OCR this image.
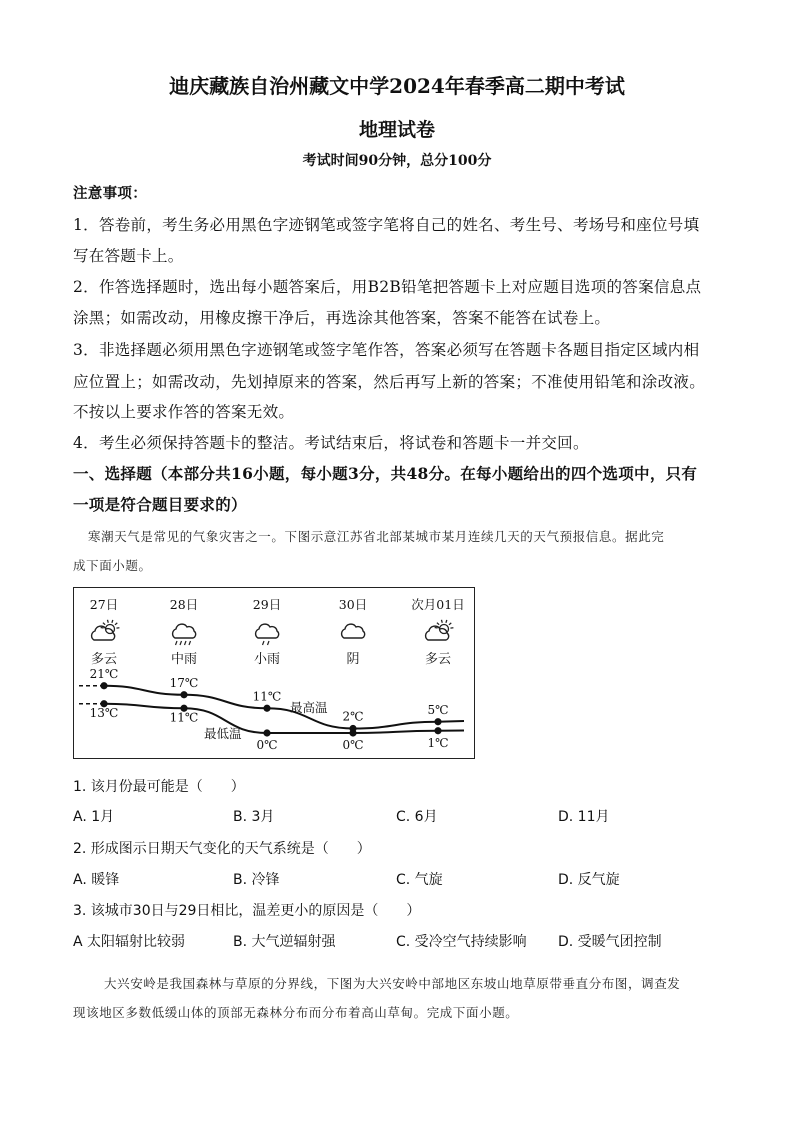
迪庆藏族自治州藏文中学2024年春季高二期中考试
地理试卷
考试时间90分钟，总分100分
注意事项：
1．答卷前，考生务必用黑色字迹钢笔或签字笔将自己的姓名、考生号、考场号和座位号填
写在答题卡上。
2．作答选择题时，选出每小题答案后，用B2B铅笔把答题卡上对应题目选项的答案信息点
涂黑；如需改动，用橡皮擦干净后，再选涂其他答案，答案不能答在试卷上。
3．非选择题必须用黑色字迹钢笔或签字笔作答，答案必须写在答题卡各题目指定区域内相
应位置上；如需改动，先划掉原来的答案，然后再写上新的答案；不准使用铅笔和涂改液。
不按以上要求作答的答案无效。
4．考生必须保持答题卡的整洁。考试结束后，将试卷和答题卡一并交回。
一、选择题（本部分共16小题，每小题3分，共48分。在每小题给出的四个选项中，只有
一项是符合题目要求的）
寒潮天气是常见的气象灾害之一。下图示意江苏省北部某城市某月连续几天的天气预报信息。据此完
成下面小题。
27日
多云
28日
中雨
29日
小雨
30日
阴
次月01日
多云
21℃
13℃
17℃
11℃
11℃
0℃
2℃
0℃
5℃
1℃
最高温
最低温
1. 该月份最可能是（　　）
A. 1月	B. 3月	C. 6月	D. 11月
2. 形成图示日期天气变化的天气系统是（　　）
A. 暖锋	B. 冷锋	C. 气旋	D. 反气旋
3. 该城市30日与29日相比，温差更小的原因是（　　）
A 太阳辐射比较弱	B. 大气逆辐射强	C. 受冷空气持续影响 D. 受暖气团控制
大兴安岭是我国森林与草原的分界线，下图为大兴安岭中部地区东坡山地草原带垂直分布图，调查发
现该地区多数低缓山体的顶部无森林分布而分布着高山草甸。完成下面小题。
